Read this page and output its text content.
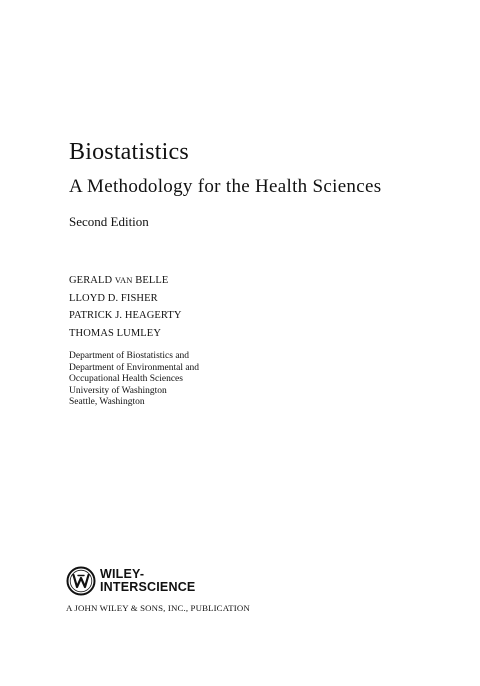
Biostatistics
A Methodology for the Health Sciences
Second Edition
GERALD VAN BELLE
LLOYD D. FISHER
PATRICK J. HEAGERTY
THOMAS LUMLEY
Department of Biostatistics and
Department of Environmental and
Occupational Health Sciences
University of Washington
Seattle, Washington
WILEY-
INTERSCIENCE
A JOHN WILEY & SONS, INC., PUBLICATION
